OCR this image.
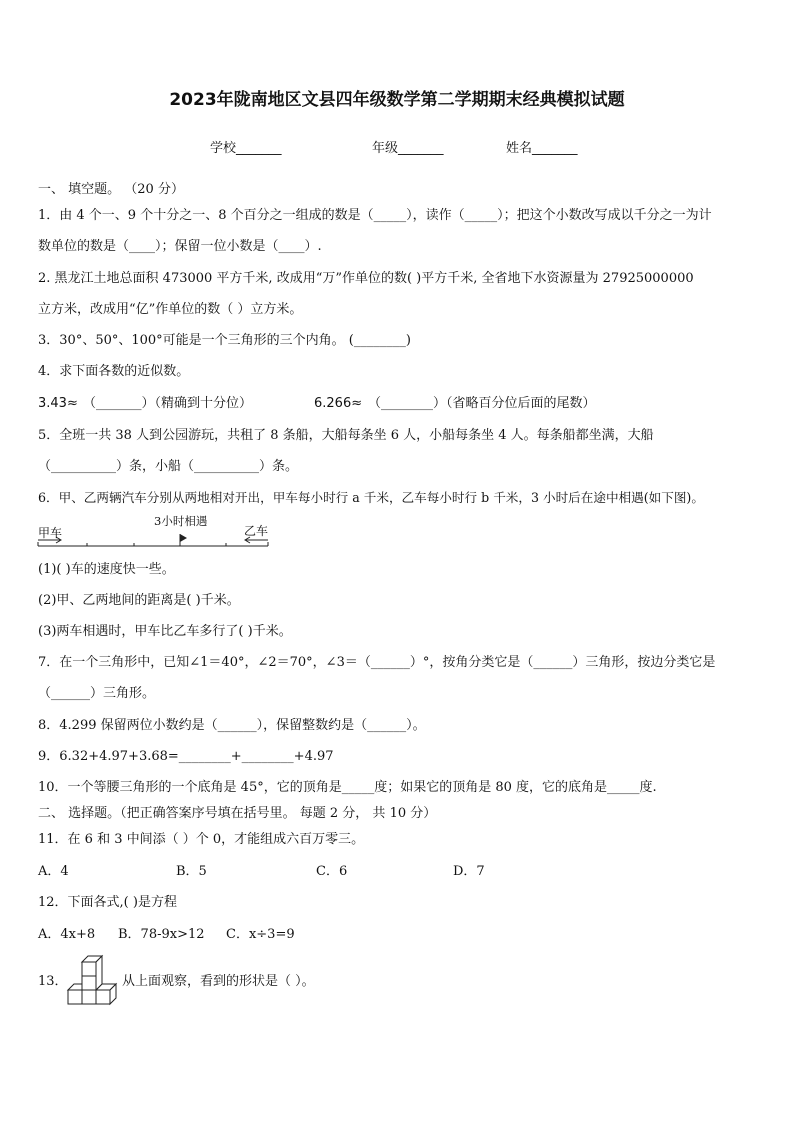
2023年陇南地区文县四年级数学第二学期期末经典模拟试题
学校_______	年级_______	姓名_______
一、 填空题。 （20 分）
1．由 4 个一、9 个十分之一、8 个百分之一组成的数是（_____），读作（_____）；把这个小数改写成以千分之一为计
数单位的数是（____）；保留一位小数是（____）.
2. 黑龙江土地总面积 473000 平方千米, 改成用“万”作单位的数( )平方千米, 全省地下水资源量为 27925000000
立方米，改成用“亿”作单位的数（ ）立方米。
3．30°、50°、100°可能是一个三角形的三个内角。 (________)
4．求下面各数的近似数。
3.43≈ （_______）（精确到十分位）	6.266≈ （________）（省略百分位后面的尾数）
5．全班一共 38 人到公园游玩，共租了 8 条船，大船每条坐 6 人，小船每条坐 4 人。每条船都坐满，大船
（__________）条，小船（__________）条。
6．甲、乙两辆汽车分别从两地相对开出，甲车每小时行 a 千米，乙车每小时行 b 千米，3 小时后在途中相遇(如下图)。
甲车	乙车
3小时相遇
(1)( )车的速度快一些。
(2)甲、乙两地间的距离是( )千米。
(3)两车相遇时，甲车比乙车多行了( )千米。
7．在一个三角形中，已知∠1＝40°，∠2＝70°，∠3＝（______）°，按角分类它是（______）三角形，按边分类它是
（______）三角形。
8．4.299 保留两位小数约是（______），保留整数约是（______）。
9．6.32+4.97+3.68=________+________+4.97
10．一个等腰三角形的一个底角是 45°，它的顶角是_____度；如果它的顶角是 80 度，它的底角是_____度.
二、 选择题。（把正确答案序号填在括号里。 每题 2 分， 共 10 分）
11．在 6 和 3 中间添（ ）个 0，才能组成六百万零三。
A．4	B．5	C．6	D．7
12．下面各式,( )是方程
A．4x+8 B．78-9x>12 C．x÷3=9
13．	从上面观察，看到的形状是（ ）。
